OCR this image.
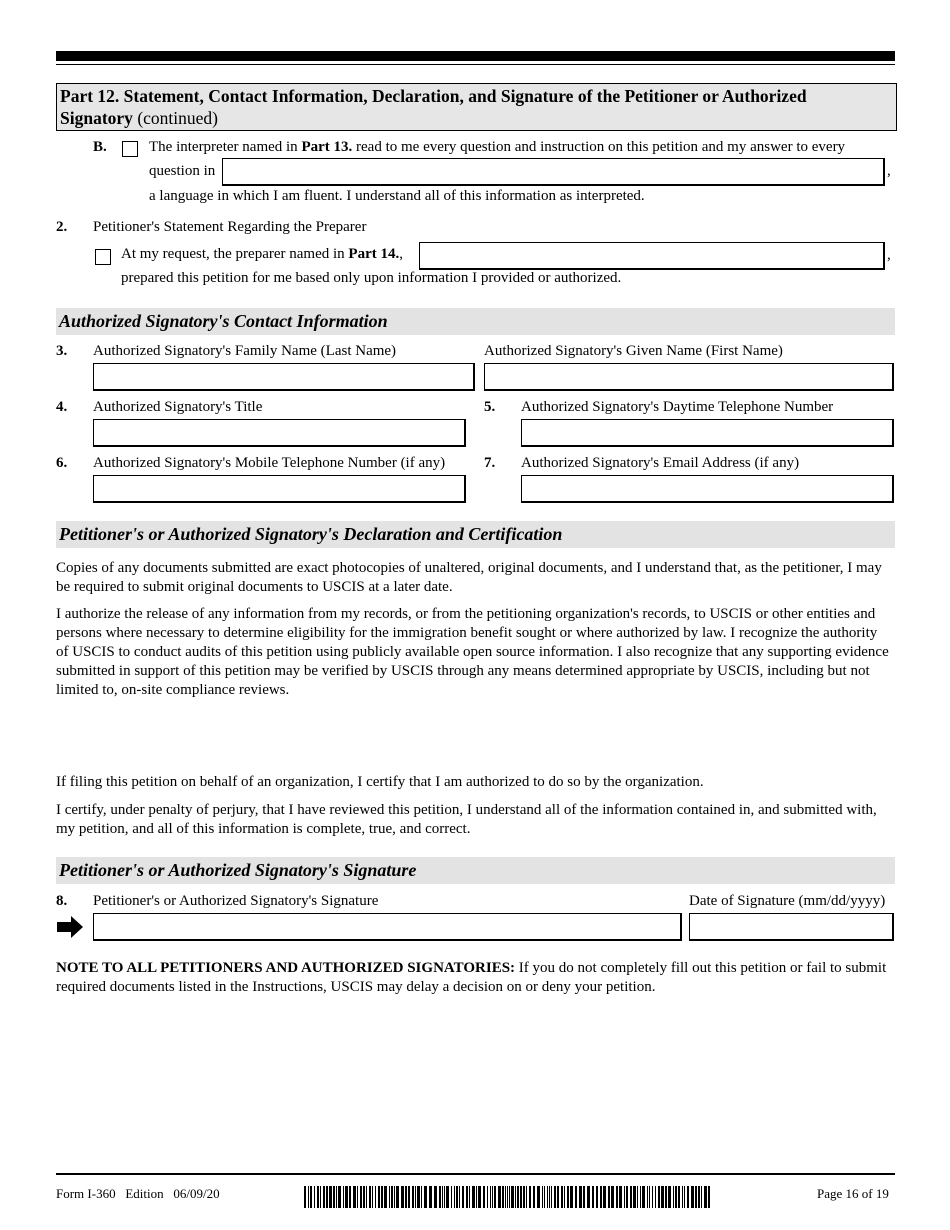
Part 12. Statement, Contact Information, Declaration, and Signature of the Petitioner or Authorized
Signatory (continued)
B.	The interpreter named in Part 13. read to me every question and instruction on this petition and my answer to every
question in	,
a language in which I am fluent. I understand all of this information as interpreted.
2. Petitioner's Statement Regarding the Preparer
At my request, the preparer named in Part 14.,	,
prepared this petition for me based only upon information I provided or authorized.
Authorized Signatory's Contact Information
3. Authorized Signatory's Family Name (Last Name)	Authorized Signatory's Given Name (First Name)
4. Authorized Signatory's Title	5. Authorized Signatory's Daytime Telephone Number
6. Authorized Signatory's Mobile Telephone Number (if any)	7. Authorized Signatory's Email Address (if any)
Petitioner's or Authorized Signatory's Declaration and Certification

Copies of any documents submitted are exact photocopies of unaltered, original documents, and I understand that, as the petitioner, I may be required to submit original documents to USCIS at a later date.

I authorize the release of any information from my records, or from the petitioning organization's records, to USCIS or other entities and persons where necessary to determine eligibility for the immigration benefit sought or where authorized by law. I recognize the authority of USCIS to conduct audits of this petition using publicly available open source information. I also recognize that any supporting evidence submitted in support of this petition may be verified by USCIS through any means determined appropriate by USCIS, including but not limited to, on-site compliance reviews.

If filing this petition on behalf of an organization, I certify that I am authorized to do so by the organization.

I certify, under penalty of perjury, that I have reviewed this petition, I understand all of the information contained in, and submitted with, my petition, and all of this information is complete, true, and correct.

Petitioner's or Authorized Signatory's Signature
8. Petitioner's or Authorized Signatory's Signature	Date of Signature (mm/dd/yyyy)

NOTE TO ALL PETITIONERS AND AUTHORIZED SIGNATORIES: If you do not completely fill out this petition or fail to submit required documents listed in the Instructions, USCIS may delay a decision on or deny your petition.

Form I-360   Edition   06/09/20	Page 16 of 19
